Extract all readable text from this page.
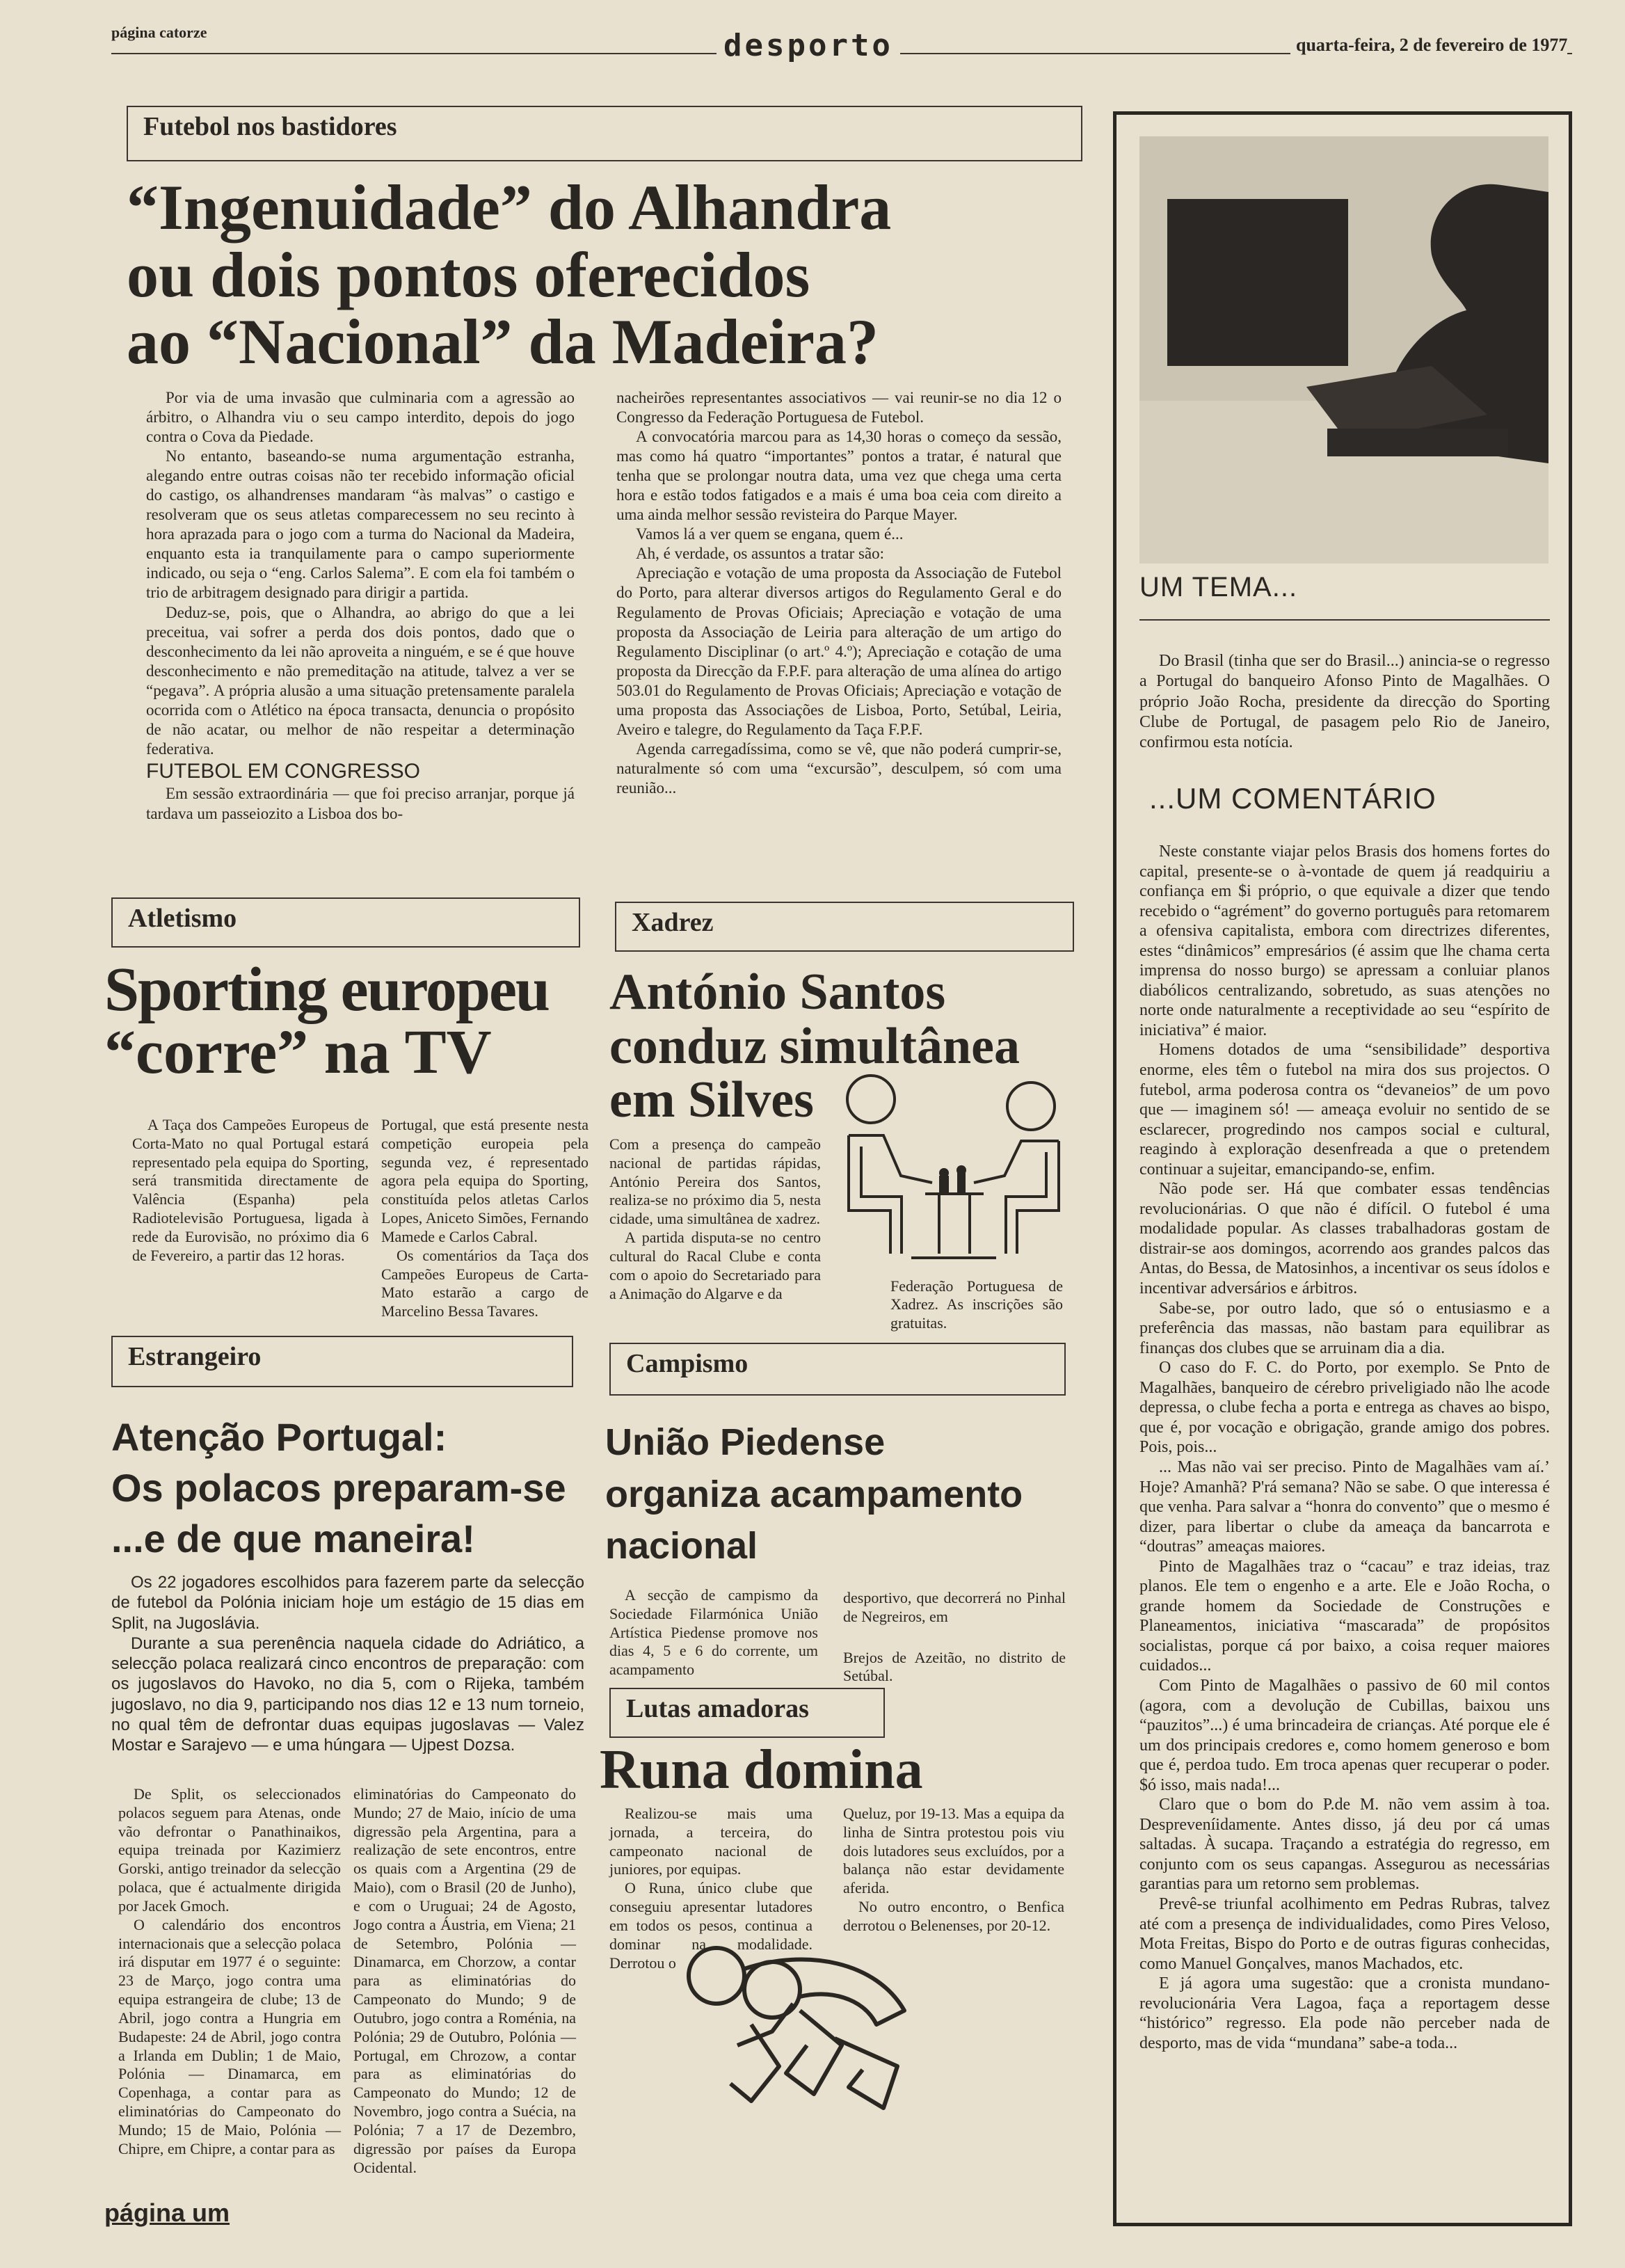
página catorze	desporto	quarta-feira, 2 de fevereiro de 1977
Futebol nos bastidores
“Ingenuidade” do Alhandra
ou dois pontos oferecidos
ao “Nacional” da Madeira?

Por via de uma invasão que culminaria com a agressão ao árbitro, o Alhandra viu o seu campo interdito, depois do jogo contra o Cova da Piedade.

No entanto, baseando-se numa argumentação estranha, alegando entre outras coisas não ter recebido informação oficial do castigo, os alhandrenses mandaram “às malvas” o castigo e resolveram que os seus atletas comparecessem no seu recinto à hora aprazada para o jogo com a turma do Nacional da Madeira, enquanto esta ia tranquilamente para o campo superiormente indicado, ou seja o “eng. Carlos Salema”. E com ela foi também o trio de arbitragem designado para dirigir a partida.

Deduz-se, pois, que o Alhandra, ao abrigo do que a lei preceitua, vai sofrer a perda dos dois pontos, dado que o desconhecimento da lei não aproveita a ninguém, e se é que houve desconhecimento e não premeditação na atitude, talvez a ver se “pegava”. A própria alusão a uma situação pretensamente paralela ocorrida com o Atlético na época transacta, denuncia o propósito de não acatar, ou melhor de não respeitar a determinação federativa.

FUTEBOL EM CONGRESSO

Em sessão extraordinária — que foi preciso arranjar, porque já tardava um passeiozito a Lisboa dos bo-

nacheirões representantes associativos — vai reunir-se no dia 12 o Congresso da Federação Portuguesa de Futebol.

A convocatória marcou para as 14,30 horas o começo da sessão, mas como há quatro “importantes” pontos a tratar, é natural que tenha que se prolongar noutra data, uma vez que chega uma certa hora e estão todos fatigados e a mais é uma boa ceia com direito a uma ainda melhor sessão revisteira do Parque Mayer.

Vamos lá a ver quem se engana, quem é...

Ah, é verdade, os assuntos a tratar são:

Apreciação e votação de uma proposta da Associação de Futebol do Porto, para alterar diversos artigos do Regulamento Geral e do Regulamento de Provas Oficiais; Apreciação e votação de uma proposta da Associação de Leiria para alteração de um artigo do Regulamento Disciplinar (o art.º 4.º); Apreciação e cotação de uma proposta da Direcção da F.P.F. para alteração de uma alínea do artigo 503.01 do Regulamento de Provas Oficiais; Apreciação e votação de uma proposta das Associações de Lisboa, Porto, Setúbal, Leiria, Aveiro e talegre, do Regulamento da Taça F.P.F.

Agenda carregadíssima, como se vê, que não poderá cumprir-se, naturalmente só com uma “excursão”, desculpem, só com uma reunião...

Atletismo
Sporting europeu
“corre” na TV

A Taça dos Campeões Europeus de Corta-Mato no qual Portugal estará representado pela equipa do Sporting, será transmitida directamente de Valência (Espanha) pela Radiotelevisão Portuguesa, ligada à rede da Eurovisão, no próximo dia 6 de Fevereiro, a partir das 12 horas.

Portugal, que está presente nesta competição europeia pela segunda vez, é representado agora pela equipa do Sporting, constituída pelos atletas Carlos Lopes, Aniceto Simões, Fernando Mamede e Carlos Cabral.

Os comentários da Taça dos Campeões Europeus de Carta-Mato estarão a cargo de Marcelino Bessa Tavares.

Xadrez
António Santos
conduz simultânea
em Silves

Com a presença do campeão nacional de partidas rápidas, António Pereira dos Santos, realiza-se no próximo dia 5, nesta cidade, uma simultânea de xadrez.

A partida disputa-se no centro cultural do Racal Clube e conta com o apoio do Secretariado para a Animação do Algarve e da	Federação Portuguesa de Xadrez. As inscrições são gratuitas.
Estrangeiro
Atenção Portugal:
Os polacos preparam-se
...e de que maneira!

Os 22 jogadores escolhidos para fazerem parte da selecção de futebol da Polónia iniciam hoje um estágio de 15 dias em Split, na Jugoslávia.

Durante a sua perenência naquela cidade do Adriático, a selecção polaca realizará cinco encontros de preparação: com os jugoslavos do Havoko, no dia 5, com o Rijeka, também jugoslavo, no dia 9, participando nos dias 12 e 13 num torneio, no qual têm de defrontar duas equipas jugoslavas — Valez Mostar e Sarajevo — e uma húngara — Ujpest Dozsa.

De Split, os seleccionados polacos seguem para Atenas, onde vão defrontar o Panathinaikos, equipa treinada por Kazimierz Gorski, antigo treinador da selecção polaca, que é actualmente dirigida por Jacek Gmoch.

O calendário dos encontros internacionais que a selecção polaca irá disputar em 1977 é o seguinte: 23 de Março, jogo contra uma equipa estrangeira de clube; 13 de Abril, jogo contra a Hungria em Budapeste: 24 de Abril, jogo contra a Irlanda em Dublin; 1 de Maio, Polónia — Dinamarca, em Copenhaga, a contar para as eliminatórias do Campeonato do Mundo; 15 de Maio, Polónia — Chipre, em Chipre, a contar para as

eliminatórias do Campeonato do Mundo; 27 de Maio, início de uma digressão pela Argentina, para a realização de sete encontros, entre os quais com a Argentina (29 de Maio), com o Brasil (20 de Junho), e com o Uruguai; 24 de Agosto, Jogo contra a Áustria, em Viena; 21 de Setembro, Polónia — Dinamarca, em Chorzow, a contar para as eliminatórias do Campeonato do Mundo; 9 de Outubro, jogo contra a Roménia, na Polónia; 29 de Outubro, Polónia — Portugal, em Chrozow, a contar para as eliminatórias do Campeonato do Mundo; 12 de Novembro, jogo contra a Suécia, na Polónia; 7 a 17 de Dezembro, digressão por países da Europa Ocidental.

Campismo
União Piedense
organiza acampamento
nacional

A secção de campismo da Sociedade Filarmónica União Artística Piedense promove nos dias 4, 5 e 6 do corrente, um acampamento

desportivo, que decorrerá no Pinhal de Negreiros, em

Brejos de Azeitão, no distrito de Setúbal.

Lutas amadoras
Runa domina

Realizou-se mais uma jornada, a terceira, do campeonato nacional de juniores, por equipas.

O Runa, único clube que conseguiu apresentar lutadores em todos os pesos, continua a dominar na modalidade. Derrotou o

Queluz, por 19-13. Mas a equipa da linha de Sintra protestou pois viu dois lutadores seus excluídos, por a balança não estar devidamente aferida.

No outro encontro, o Benfica derrotou o Belenenses, por 20-12.

UM TEMA...

Do Brasil (tinha que ser do Brasil...) anincia-se o regresso a Portugal do banqueiro Afonso Pinto de Magalhães. O próprio João Rocha, presidente da direcção do Sporting Clube de Portugal, de pasagem pelo Rio de Janeiro, confirmou esta notícia.

...UM COMENTÁRIO

Neste constante viajar pelos Brasis dos homens fortes do capital, presente-se o à-vontade de quem já readquiriu a confiança em $i próprio, o que equivale a dizer que tendo recebido o “agrément” do governo português para retomarem a ofensiva capitalista, embora com directrizes diferentes, estes “dinâmicos” empresários (é assim que lhe chama certa imprensa do nosso burgo) se apressam a conluiar planos diabólicos centralizando, sobretudo, as suas atenções no norte onde naturalmente a receptividade ao seu “espírito de iniciativa” é maior.

Homens dotados de uma “sensibilidade” desportiva enorme, eles têm o futebol na mira dos sus projectos. O futebol, arma poderosa contra os “devaneios” de um povo que — imaginem só! — ameaça evoluir no sentido de se esclarecer, progredindo nos campos social e cultural, reagindo à exploração desenfreada a que o pretendem continuar a sujeitar, emancipando-se, enfim.

Não pode ser. Há que combater essas tendências revolucionárias. O que não é difícil. O futebol é uma modalidade popular. As classes trabalhadoras gostam de distrair-se aos domingos, acorrendo aos grandes palcos das Antas, do Bessa, de Matosinhos, a incentivar os seus ídolos e incentivar adversários e árbitros.

Sabe-se, por outro lado, que só o entusiasmo e a preferência das massas, não bastam para equilibrar as finanças dos clubes que se arruinam dia a dia.

O caso do F. C. do Porto, por exemplo. Se Pnto de Magalhães, banqueiro de cérebro priveligiado não lhe acode depressa, o clube fecha a porta e entrega as chaves ao bispo, que é, por vocação e obrigação, grande amigo dos pobres. Pois, pois...

... Mas não vai ser preciso. Pinto de Magalhães vam aí.’ Hoje? Amanhã? P'rá semana? Não se sabe. O que interessa é que venha. Para salvar a “honra do convento” que o mesmo é dizer, para libertar o clube da ameaça da bancarrota e “doutras” ameaças maiores.

Pinto de Magalhães traz o “cacau” e traz ideias, traz planos. Ele tem o engenho e a arte. Ele e João Rocha, o grande homem da Sociedade de Construções e Planeamentos, iniciativa “mascarada” de propósitos socialistas, porque cá por baixo, a coisa requer maiores cuidados...

Com Pinto de Magalhães o passivo de 60 mil contos (agora, com a devolução de Cubillas, baixou uns “pauzitos”...) é uma brincadeira de crianças. Até porque ele é um dos principais credores e, como homem generoso e bom que é, perdoa tudo. Em troca apenas quer recuperar o poder. $ó isso, mais nada!...

Claro que o bom do P.de M. não vem assim à toa. Despreveníidamente. Antes disso, já deu por cá umas saltadas. À sucapa. Traçando a estratégia do regresso, em conjunto com os seus capangas. Assegurou as necessárias garantias para um retorno sem problemas.

Prevê-se triunfal acolhimento em Pedras Rubras, talvez até com a presença de individualidades, como Pires Veloso, Mota Freitas, Bispo do Porto e de outras figuras conhecidas, como Manuel Gonçalves, manos Machados, etc.

E já agora uma sugestão: que a cronista mundano-revolucionária Vera Lagoa, faça a reportagem desse “histórico” regresso. Ela pode não perceber nada de desporto, mas de vida “mundana” sabe-a toda...

página um
